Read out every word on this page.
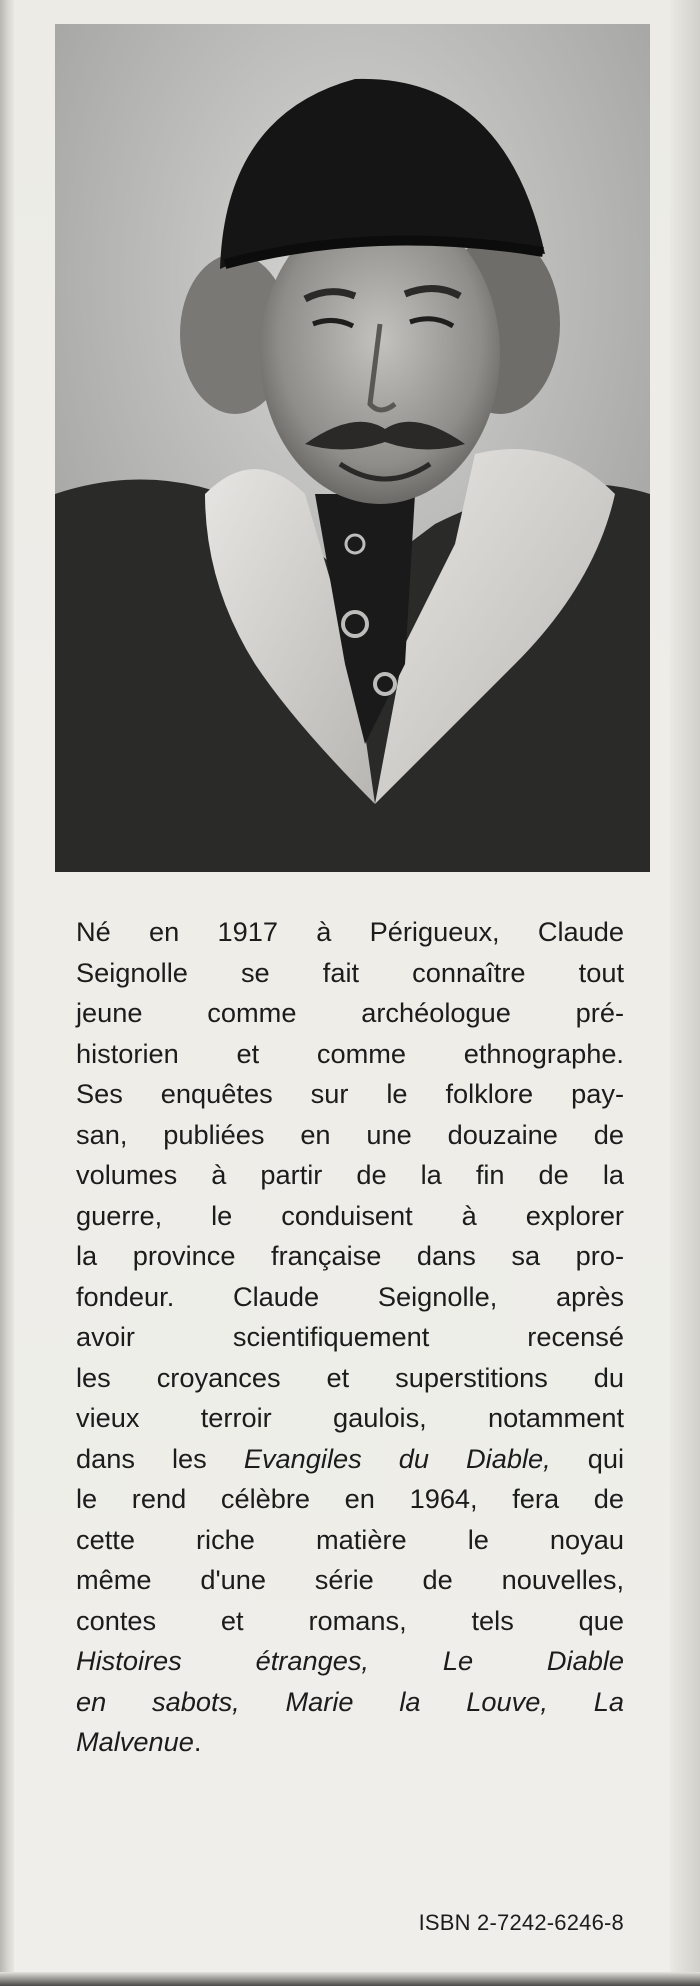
Né en 1917 à Périgueux, Claude
Seignolle se fait connaître tout
jeune comme archéologue pré-
historien et comme ethnographe.
Ses enquêtes sur le folklore pay-
san, publiées en une douzaine de
volumes à partir de la fin de la
guerre, le conduisent à explorer
la province française dans sa pro-
fondeur. Claude Seignolle, après
avoir scientifiquement recensé
les croyances et superstitions du
vieux terroir gaulois, notamment
dans les Evangiles du Diable, qui
le rend célèbre en 1964, fera de
cette riche matière le noyau
même d'une série de nouvelles,
contes et romans, tels que
Histoires étranges, Le Diable
en sabots, Marie la Louve, La
Malvenue.

ISBN 2-7242-6246-8
